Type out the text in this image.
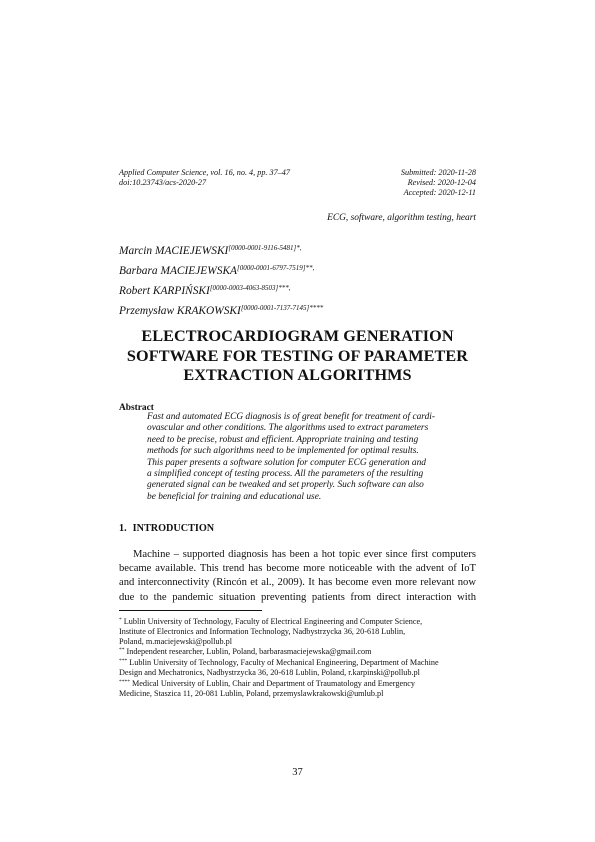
Applied Computer Science, vol. 16, no. 4, pp. 37–47
doi:10.23743/acs-2020-27
Submitted: 2020-11-28
Revised: 2020-12-04
Accepted: 2020-12-11
ECG, software, algorithm testing, heart
Marcin $MACIEJEWSKI^{[0000-0001-9116-5481]*,}$
Barbara $MACIEJEWSKA^{[0000-0001-6797-7519]**,}$
Robert $KARPIŃSKI^{[0000-0003-4063-8503]***,}$
Przemysław $KRAKOWSKI^{[0000-0001-7137-7145]****}$
ELECTROCARDIOGRAM GENERATION
SOFTWARE FOR TESTING OF PARAMETER
EXTRACTION ALGORITHMS
Abstract
Fast and automated ECG diagnosis is of great benefit for treatment of cardi-
ovascular and other conditions. The algorithms used to extract parameters
need to be precise, robust and efficient. Appropriate training and testing
methods for such algorithms need to be implemented for optimal results.
This paper presents a software solution for computer ECG generation and
a simplified concept of testing process. All the parameters of the resulting
generated signal can be tweaked and set properly. Such software can also
be beneficial for training and educational use.
1. INTRODUCTION
Machine – supported diagnosis has been a hot topic ever since first computers
became available. This trend has become more noticeable with the advent of IoT
and interconnectivity (Rincón et al., 2009). It has become even more relevant now
due to the pandemic situation preventing patients from direct interaction with
* Lublin University of Technology, Faculty of Electrical Engineering and Computer Science,
Institute of Electronics and Information Technology, Nadbystrzycka 36, 20-618 Lublin,
Poland, m.maciejewski@pollub.pl
** Independent researcher, Lublin, Poland, barbarasmaciejewska@gmail.com
*** Lublin University of Technology, Faculty of Mechanical Engineering, Department of Machine
Design and Mechatronics, Nadbystrzycka 36, 20-618 Lublin, Poland, r.karpinski@pollub.pl
**** Medical University of Lublin, Chair and Department of Traumatology and Emergency
Medicine, Staszica 11, 20-081 Lublin, Poland, przemyslawkrakowski@umlub.pl
37
